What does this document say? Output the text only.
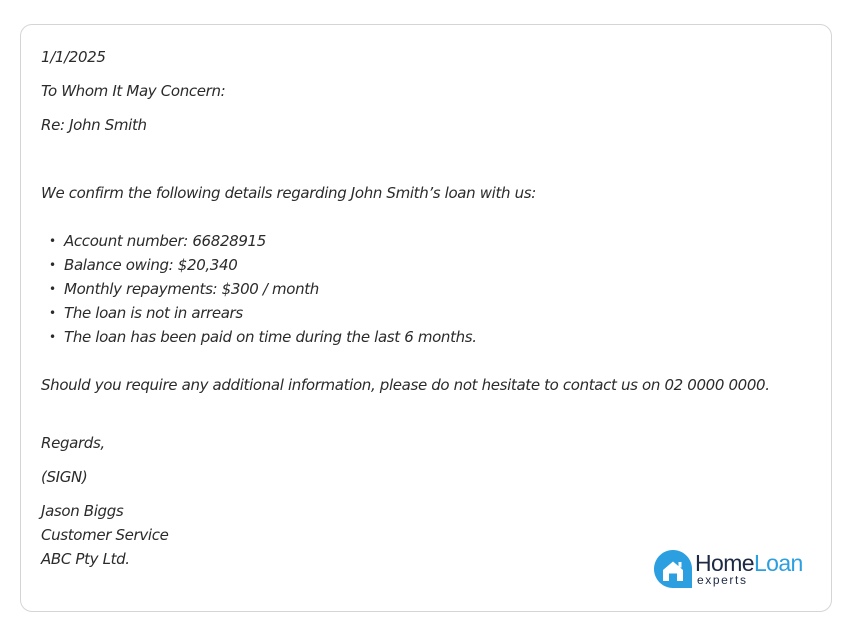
1/1/2025

To Whom It May Concern:

Re: John Smith

We confirm the following details regarding John Smith’s loan with us:

• Account number: 66828915
• Balance owing: $20,340
• Monthly repayments: $300 / month
• The loan is not in arrears
• The loan has been paid on time during the last 6 months.

Should you require any additional information, please do not hesitate to contact us on 02 0000 0000.

Regards,

(SIGN)

Jason Biggs

Customer Service

ABC Pty Ltd.	HomeLoan
experts
